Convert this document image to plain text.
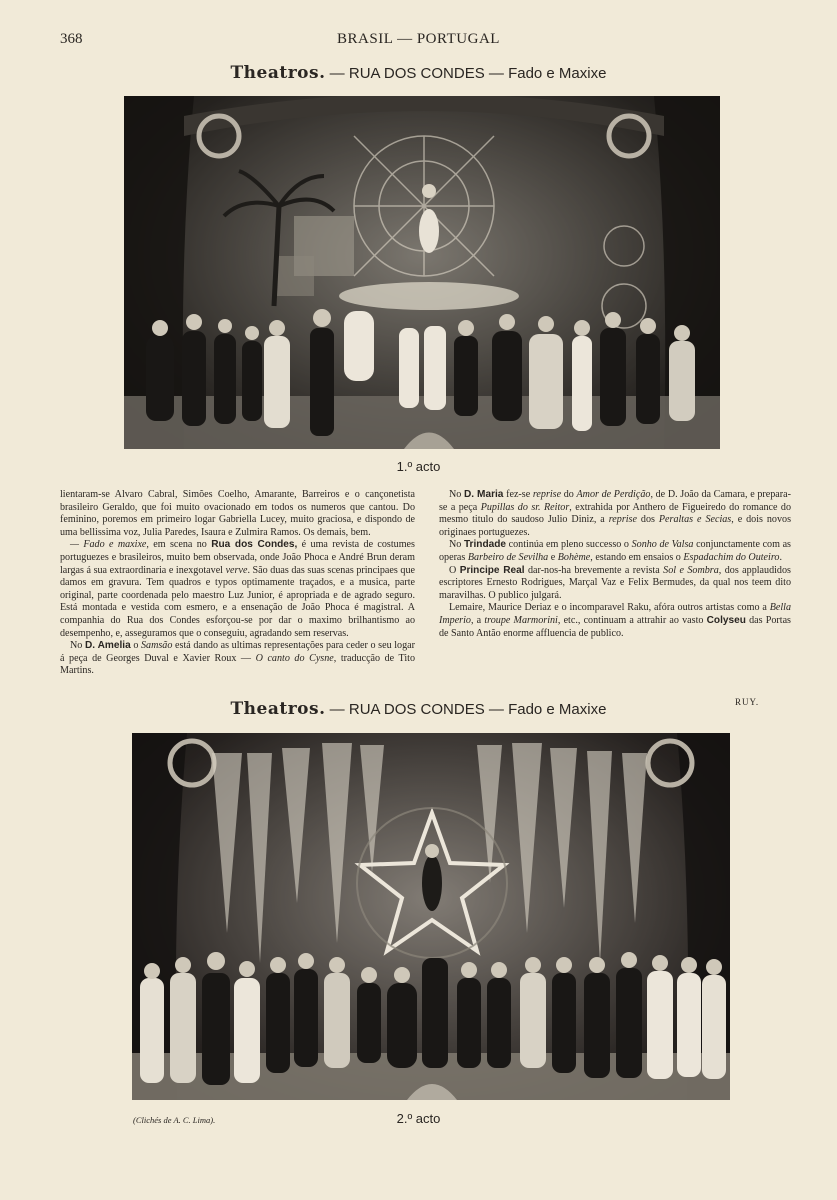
368	BRASIL — PORTUGAL
Theatros. — RUA DOS CONDES — Fado e Maxixe
1.º acto

lientaram-se Alvaro Cabral, Simões Coelho, Amarante, Barreiros e o cançonetista brasileiro Geraldo, que foi muito ovacionado em todos os numeros que cantou. Do feminino, poremos em primeiro logar Gabriella Lucey, muito graciosa, e dispondo de uma bellissima voz, Julia Paredes, Isaura e Zulmira Ramos. Os demais, bem.

— Fado e maxixe, em scena no Rua dos Condes, é uma revista de costumes portuguezes e brasileiros, muito bem observada, onde João Phoca e André Brun deram largas á sua extraordinaria e inexgotavel verve. São duas das suas scenas principaes que damos em gravura. Tem quadros e typos optimamente traçados, e a musica, parte original, parte coordenada pelo maestro Luz Junior, é apropriada e de agrado seguro. Está montada e vestida com esmero, e a ensenação de João Phoca é magistral. A companhia do Rua dos Condes esforçou-se por dar o maximo brilhantismo ao desempenho, e, asseguramos que o conseguiu, agradando sem reservas.

No D. Amelia o Samsão está dando as ultimas representações para ceder o seu logar á peça de Georges Duval e Xavier Roux — O canto do Cysne, traducção de Tito Martins.

No D. Maria fez-se reprise do Amor de Perdição, de D. João da Camara, e prepara-se a peça Pupillas do sr. Reitor, extrahida por Anthero de Figueiredo do romance do mesmo titulo do saudoso Julio Diniz, a reprise dos Peraltas e Secias, e dois novos originaes portuguezes.

No Trindade continúa em pleno successo o Sonho de Valsa conjunctamente com as operas Barbeiro de Sevilha e Bohème, estando em ensaios o Espadachim do Outeiro.

O Principe Real dar-nos-ha brevemente a revista Sol e Sombra, dos applaudidos escriptores Ernesto Rodrigues, Marçal Vaz e Felix Bermudes, da qual nos teem dito maravilhas. O publico julgará.

Lemaire, Maurice Deriaz e o incomparavel Raku, afóra outros artistas como a Bella Imperio, a troupe Marmorini, etc., continuam a attrahir ao vasto Colyseu das Portas de Santo Antão enorme affluencia de publico.

RUY.
Theatros. — RUA DOS CONDES — Fado e Maxixe
(Clichés de A. C. Lima).	2.º acto
